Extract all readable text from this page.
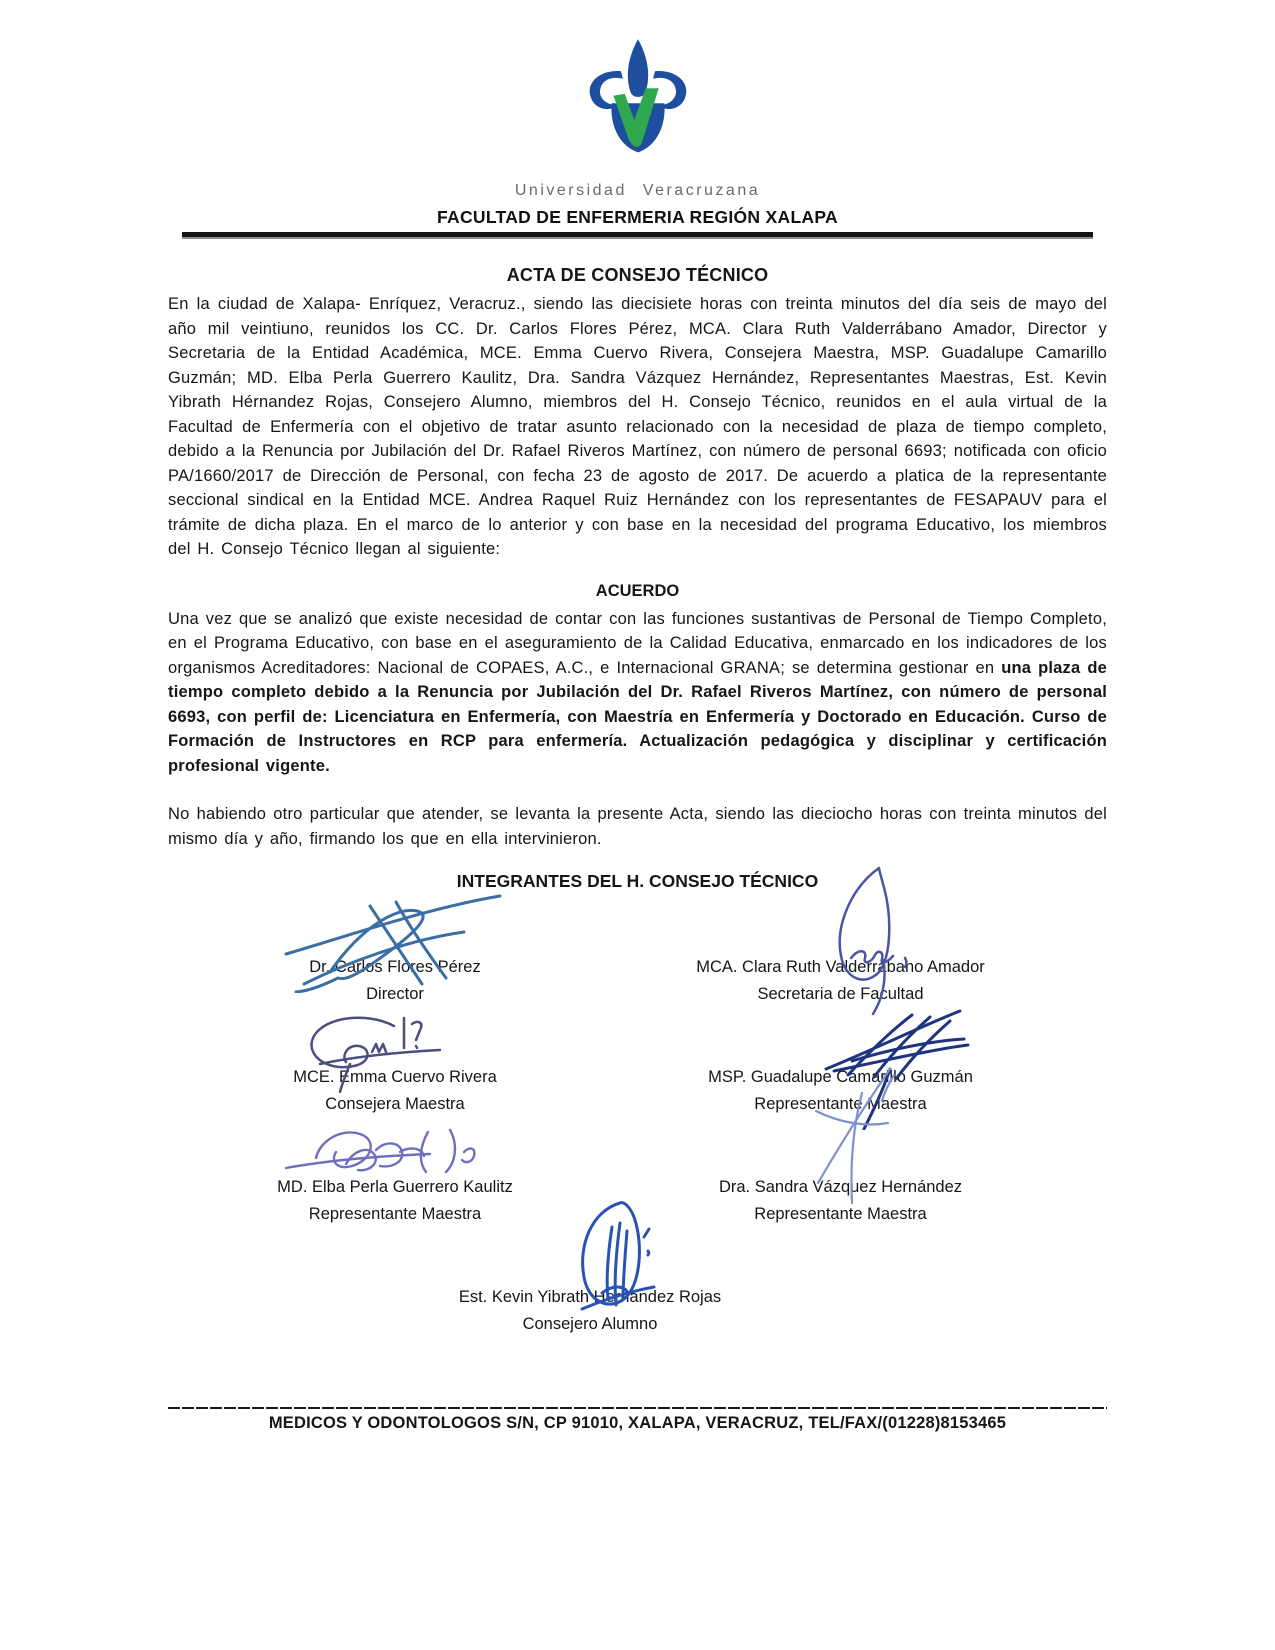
Universidad Veracruzana
FACULTAD DE ENFERMERIA REGIÓN XALAPA
ACTA DE CONSEJO TÉCNICO

En la ciudad de Xalapa- Enríquez, Veracruz., siendo las diecisiete horas con treinta minutos del día seis de mayo del año mil veintiuno, reunidos los CC. Dr. Carlos Flores Pérez, MCA. Clara Ruth Valderrábano Amador, Director y Secretaria de la Entidad Académica, MCE. Emma Cuervo Rivera, Consejera Maestra, MSP. Guadalupe Camarillo Guzmán; MD. Elba Perla Guerrero Kaulitz, Dra. Sandra Vázquez Hernández, Representantes Maestras, Est. Kevin Yibrath Hérnandez Rojas, Consejero Alumno, miembros del H. Consejo Técnico, reunidos en el aula virtual de la Facultad de Enfermería con el objetivo de tratar asunto relacionado con la necesidad de plaza de tiempo completo, debido a la Renuncia por Jubilación del Dr. Rafael Riveros Martínez, con número de personal 6693; notificada con oficio PA/1660/2017 de Dirección de Personal, con fecha 23 de agosto de 2017. De acuerdo a platica de la representante seccional sindical en la Entidad MCE. Andrea Raquel Ruiz Hernández con los representantes de FESAPAUV para el trámite de dicha plaza. En el marco de lo anterior y con base en la necesidad del programa Educativo, los miembros del H. Consejo Técnico llegan al siguiente:

ACUERDO

Una vez que se analizó que existe necesidad de contar con las funciones sustantivas de Personal de Tiempo Completo, en el Programa Educativo, con base en el aseguramiento de la Calidad Educativa, enmarcado en los indicadores de los organismos Acreditadores: Nacional de COPAES, A.C., e Internacional GRANA; se determina gestionar en una plaza de tiempo completo debido a la Renuncia por Jubilación del Dr. Rafael Riveros Martínez, con número de personal 6693, con perfil de: Licenciatura en Enfermería, con Maestría en Enfermería y Doctorado en Educación. Curso de Formación de Instructores en RCP para enfermería. Actualización pedagógica y disciplinar y certificación profesional vigente.

No habiendo otro particular que atender, se levanta la presente Acta, siendo las dieciocho horas con treinta minutos del mismo día y año, firmando los que en ella intervinieron.

INTEGRANTES DEL H. CONSEJO TÉCNICO
Dr. Carlos Flores Pérez
Director
MCA. Clara Ruth Valderrábano Amador
Secretaria de Facultad
MCE. Emma Cuervo Rivera
Consejera Maestra
MSP. Guadalupe Camarillo Guzmán
Representante Maestra
MD. Elba Perla Guerrero Kaulitz
Representante Maestra
Dra. Sandra Vázquez Hernández
Representante Maestra
Est. Kevin Yibrath Hernández Rojas
Consejero Alumno
MEDICOS Y ODONTOLOGOS S/N, CP 91010, XALAPA, VERACRUZ, TEL/FAX/(01228)8153465
